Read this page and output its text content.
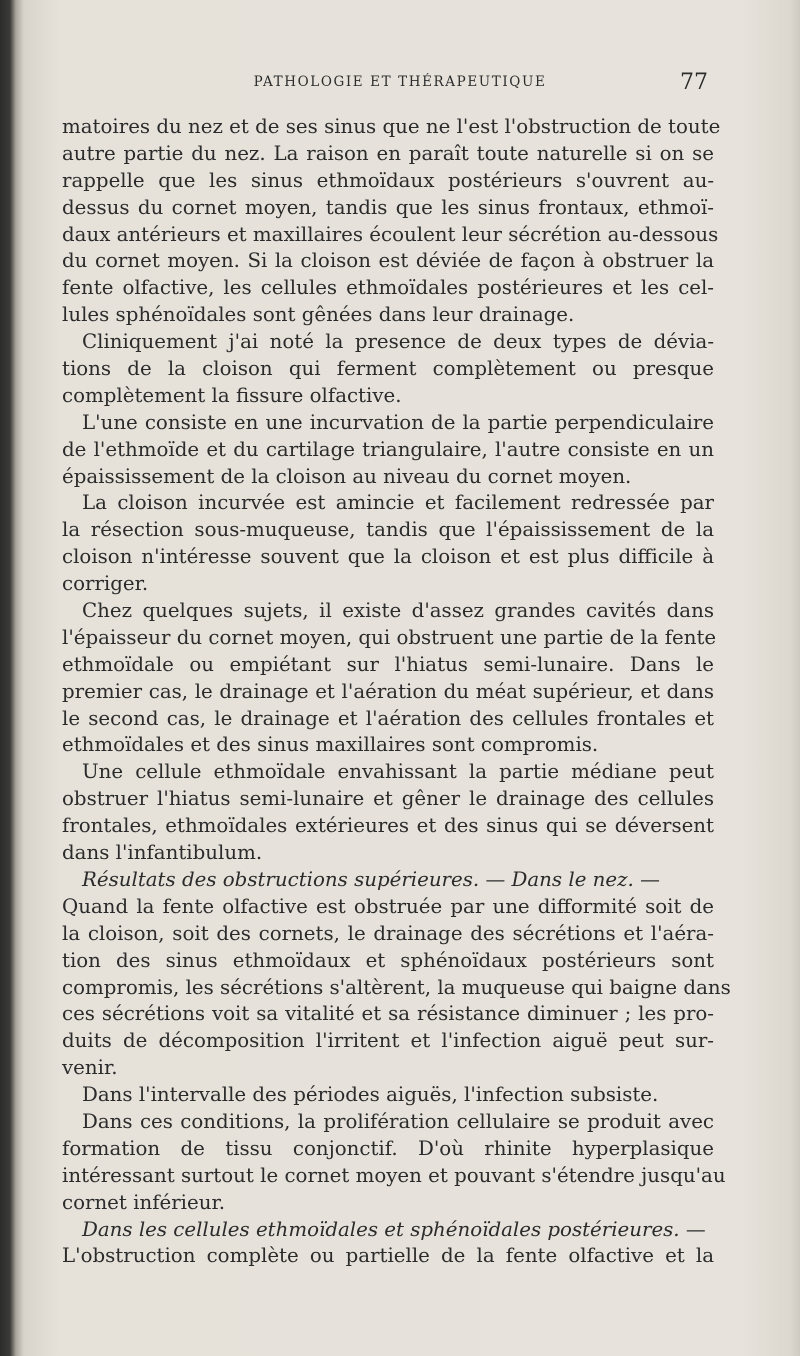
PATHOLOGIE ET THÉRAPEUTIQUE	77
matoires du nez et de ses sinus que ne l'est l'obstruction de toute
autre partie du nez. La raison en paraît toute naturelle si on se
rappelle que les sinus ethmoïdaux postérieurs s'ouvrent au-
dessus du cornet moyen, tandis que les sinus frontaux, ethmoï-
daux antérieurs et maxillaires écoulent leur sécrétion au-dessous
du cornet moyen. Si la cloison est déviée de façon à obstruer la
fente olfactive, les cellules ethmoïdales postérieures et les cel-
lules sphénoïdales sont gênées dans leur drainage.
Cliniquement j'ai noté la presence de deux types de dévia-
tions de la cloison qui ferment complètement ou presque
complètement la fissure olfactive.
L'une consiste en une incurvation de la partie perpendiculaire
de l'ethmoïde et du cartilage triangulaire, l'autre consiste en un
épaississement de la cloison au niveau du cornet moyen.
La cloison incurvée est amincie et facilement redressée par
la résection sous-muqueuse, tandis que l'épaississement de la
cloison n'intéresse souvent que la cloison et est plus difficile à
corriger.
Chez quelques sujets, il existe d'assez grandes cavités dans
l'épaisseur du cornet moyen, qui obstruent une partie de la fente
ethmoïdale ou empiétant sur l'hiatus semi-lunaire. Dans le
premier cas, le drainage et l'aération du méat supérieur, et dans
le second cas, le drainage et l'aération des cellules frontales et
ethmoïdales et des sinus maxillaires sont compromis.
Une cellule ethmoïdale envahissant la partie médiane peut
obstruer l'hiatus semi-lunaire et gêner le drainage des cellules
frontales, ethmoïdales extérieures et des sinus qui se déversent
dans l'infantibulum.
Résultats des obstructions supérieures. — Dans le nez. —
Quand la fente olfactive est obstruée par une difformité soit de
la cloison, soit des cornets, le drainage des sécrétions et l'aéra-
tion des sinus ethmoïdaux et sphénoïdaux postérieurs sont
compromis, les sécrétions s'altèrent, la muqueuse qui baigne dans
ces sécrétions voit sa vitalité et sa résistance diminuer ; les pro-
duits de décomposition l'irritent et l'infection aiguë peut sur-
venir.
Dans l'intervalle des périodes aiguës, l'infection subsiste.
Dans ces conditions, la prolifération cellulaire se produit avec
formation de tissu conjonctif. D'où rhinite hyperplasique
intéressant surtout le cornet moyen et pouvant s'étendre jusqu'au
cornet inférieur.
Dans les cellules ethmoïdales et sphénoïdales postérieures. —
L'obstruction complète ou partielle de la fente olfactive et la
